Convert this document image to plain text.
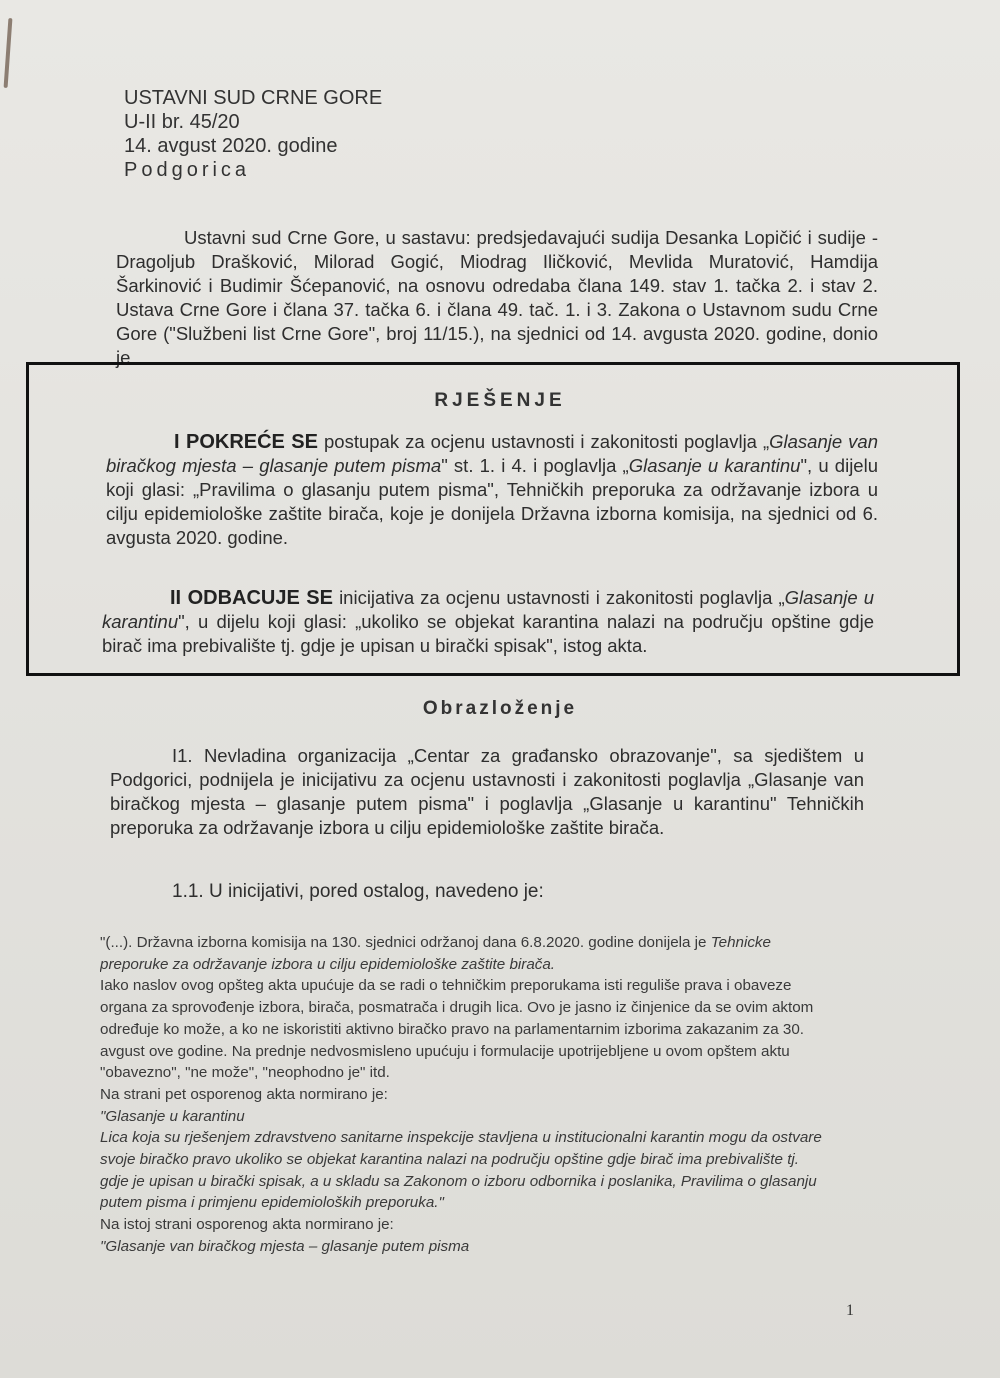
USTAVNI SUD CRNE GORE
U-II br. 45/20
14. avgust 2020. godine
Podgorica
Ustavni sud Crne Gore, u sastavu: predsjedavajući sudija Desanka Lopičić i sudije - Dragoljub Drašković, Milorad Gogić, Miodrag Iličković, Mevlida Muratović, Hamdija Šarkinović i Budimir Šćepanović, na osnovu odredaba člana 149. stav 1. tačka 2. i stav 2. Ustava Crne Gore i člana 37. tačka 6. i člana 49. tač. 1. i 3. Zakona o Ustavnom sudu Crne Gore ("Službeni list Crne Gore", broj 11/15.), na sjednici od 14. avgusta 2020. godine, donio je
RJEŠENJE
I POKREĆE SE postupak za ocjenu ustavnosti i zakonitosti poglavlja „Glasanje van biračkog mjesta – glasanje putem pisma" st. 1. i 4. i poglavlja „Glasanje u karantinu", u dijelu koji glasi: „Pravilima o glasanju putem pisma", Tehničkih preporuka za održavanje izbora u cilju epidemiološke zaštite birača, koje je donijela Državna izborna komisija, na sjednici od 6. avgusta 2020. godine.
II ODBACUJE SE inicijativa za ocjenu ustavnosti i zakonitosti poglavlja „Glasanje u karantinu", u dijelu koji glasi: „ukoliko se objekat karantina nalazi na području opštine gdje birač ima prebivalište tj. gdje je upisan u birački spisak", istog akta.
Obrazloženje
I1. Nevladina organizacija „Centar za građansko obrazovanje", sa sjedištem u Podgorici, podnijela je inicijativu za ocjenu ustavnosti i zakonitosti poglavlja „Glasanje van biračkog mjesta – glasanje putem pisma" i poglavlja „Glasanje u karantinu" Tehničkih preporuka za održavanje izbora u cilju epidemiološke zaštite birača.
1.1. U inicijativi, pored ostalog, navedeno je:
"(...). Državna izborna komisija na 130. sjednici održanoj dana 6.8.2020. godine donijela je Tehnicke
preporuke za održavanje izbora u cilju epidemiološke zaštite birača.
Iako naslov ovog opšteg akta upućuje da se radi o tehničkim preporukama isti reguliše prava i obaveze
organa za sprovođenje izbora, birača, posmatrača i drugih lica. Ovo je jasno iz činjenice da se ovim aktom
određuje ko može, a ko ne iskoristiti aktivno biračko pravo na parlamentarnim izborima zakazanim za 30.
avgust ove godine. Na prednje nedvosmisleno upućuju i formulacije upotrijebljene u ovom opštem aktu
"obavezno", "ne može", "neophodno je" itd.
Na strani pet osporenog akta normirano je:
"Glasanje u karantinu
Lica koja su rješenjem zdravstveno sanitarne inspekcije stavljena u institucionalni karantin mogu da ostvare
svoje biračko pravo ukoliko se objekat karantina nalazi na području opštine gdje birač ima prebivalište tj.
gdje je upisan u birački spisak, a u skladu sa Zakonom o izboru odbornika i poslanika, Pravilima o glasanju
putem pisma i primjenu epidemioloških preporuka."
Na istoj strani osporenog akta normirano je:
"Glasanje van biračkog mjesta – glasanje putem pisma
1
